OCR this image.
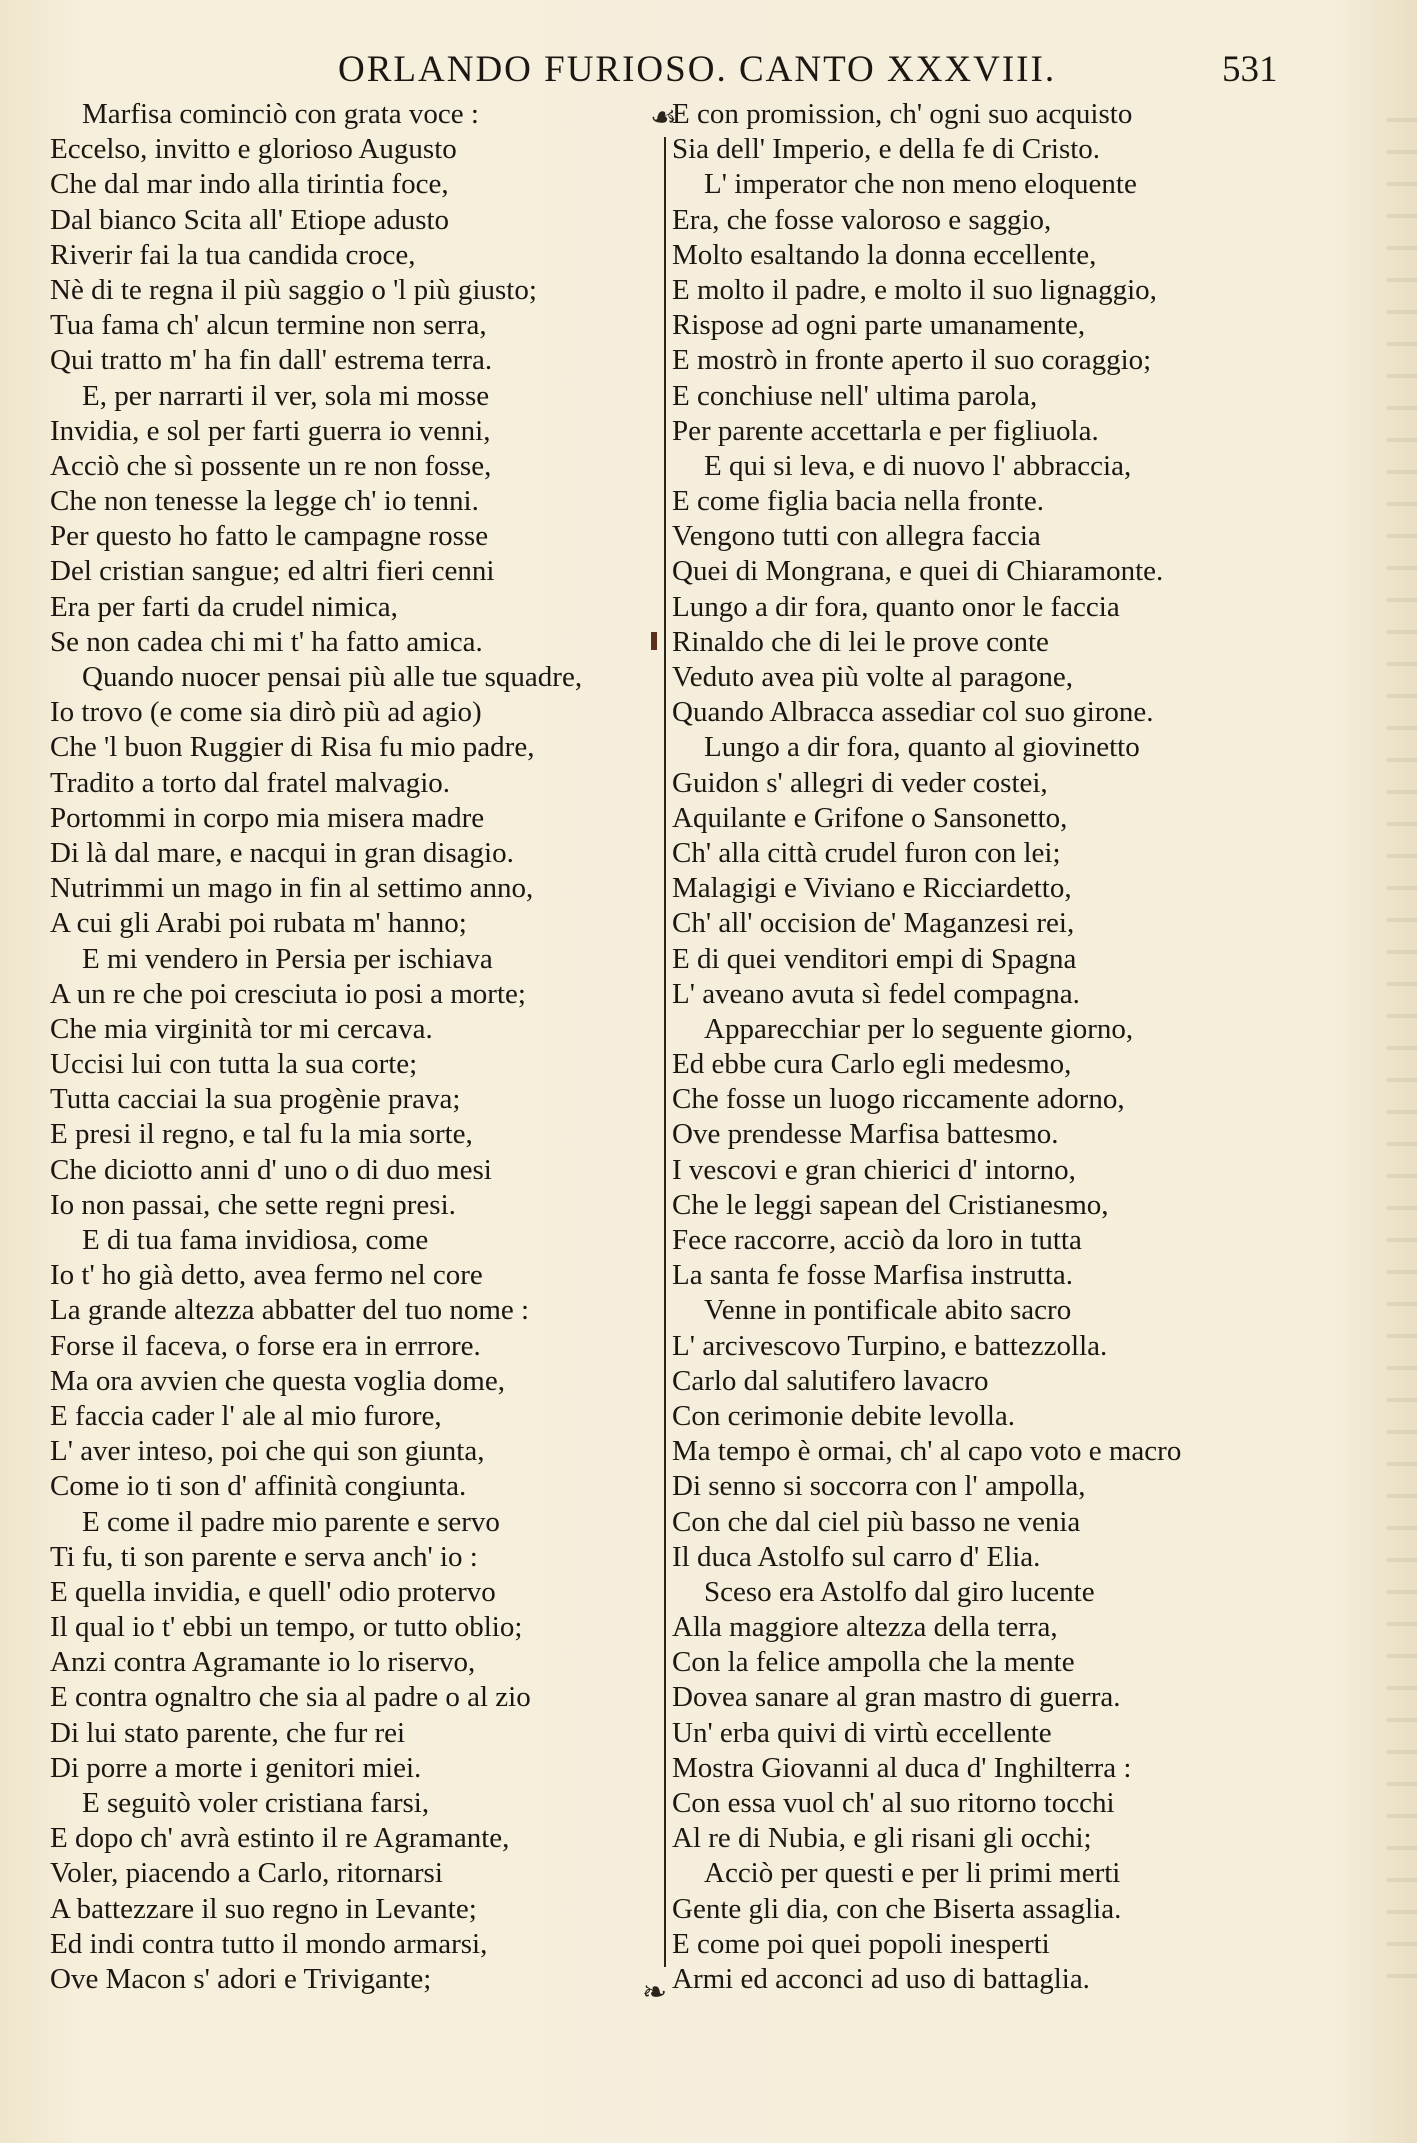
ORLANDO FURIOSO. CANTO XXXVIII.	531
☙
❧
Marfisa cominciò con grata voce :
Eccelso, invitto e glorioso Augusto
Che dal mar indo alla tirintia foce,
Dal bianco Scita all' Etiope adusto
Riverir fai la tua candida croce,
Nè di te regna il più saggio o 'l più giusto;
Tua fama ch' alcun termine non serra,
Qui tratto m' ha fin dall' estrema terra.
E, per narrarti il ver, sola mi mosse
Invidia, e sol per farti guerra io venni,
Acciò che sì possente un re non fosse,
Che non tenesse la legge ch' io tenni.
Per questo ho fatto le campagne rosse
Del cristian sangue; ed altri fieri cenni
Era per farti da crudel nimica,
Se non cadea chi mi t' ha fatto amica.
Quando nuocer pensai più alle tue squadre,
Io trovo (e come sia dirò più ad agio)
Che 'l buon Ruggier di Risa fu mio padre,
Tradito a torto dal fratel malvagio.
Portommi in corpo mia misera madre
Di là dal mare, e nacqui in gran disagio.
Nutrimmi un mago in fin al settimo anno,
A cui gli Arabi poi rubata m' hanno;
E mi vendero in Persia per ischiava
A un re che poi cresciuta io posi a morte;
Che mia virginità tor mi cercava.
Uccisi lui con tutta la sua corte;
Tutta cacciai la sua progènie prava;
E presi il regno, e tal fu la mia sorte,
Che diciotto anni d' uno o di duo mesi
Io non passai, che sette regni presi.
E di tua fama invidiosa, come
Io t' ho già detto, avea fermo nel core
La grande altezza abbatter del tuo nome :
Forse il faceva, o forse era in errrore.
Ma ora avvien che questa voglia dome,
E faccia cader l' ale al mio furore,
L' aver inteso, poi che qui son giunta,
Come io ti son d' affinità congiunta.
E come il padre mio parente e servo
Ti fu, ti son parente e serva anch' io :
E quella invidia, e quell' odio protervo
Il qual io t' ebbi un tempo, or tutto oblio;
Anzi contra Agramante io lo riservo,
E contra ognaltro che sia al padre o al zio
Di lui stato parente, che fur rei
Di porre a morte i genitori miei.
E seguitò voler cristiana farsi,
E dopo ch' avrà estinto il re Agramante,
Voler, piacendo a Carlo, ritornarsi
A battezzare il suo regno in Levante;
Ed indi contra tutto il mondo armarsi,
Ove Macon s' adori e Trivigante;
E con promission, ch' ogni suo acquisto
Sia dell' Imperio, e della fe di Cristo.
L' imperator che non meno eloquente
Era, che fosse valoroso e saggio,
Molto esaltando la donna eccellente,
E molto il padre, e molto il suo lignaggio,
Rispose ad ogni parte umanamente,
E mostrò in fronte aperto il suo coraggio;
E conchiuse nell' ultima parola,
Per parente accettarla e per figliuola.
E qui si leva, e di nuovo l' abbraccia,
E come figlia bacia nella fronte.
Vengono tutti con allegra faccia
Quei di Mongrana, e quei di Chiaramonte.
Lungo a dir fora, quanto onor le faccia
Rinaldo che di lei le prove conte
Veduto avea più volte al paragone,
Quando Albracca assediar col suo girone.
Lungo a dir fora, quanto al giovinetto
Guidon s' allegri di veder costei,
Aquilante e Grifone o Sansonetto,
Ch' alla città crudel furon con lei;
Malagigi e Viviano e Ricciardetto,
Ch' all' occision de' Maganzesi rei,
E di quei venditori empi di Spagna
L' aveano avuta sì fedel compagna.
Apparecchiar per lo seguente giorno,
Ed ebbe cura Carlo egli medesmo,
Che fosse un luogo riccamente adorno,
Ove prendesse Marfisa battesmo.
I vescovi e gran chierici d' intorno,
Che le leggi sapean del Cristianesmo,
Fece raccorre, acciò da loro in tutta
La santa fe fosse Marfisa instrutta.
Venne in pontificale abito sacro
L' arcivescovo Turpino, e battezzolla.
Carlo dal salutifero lavacro
Con cerimonie debite levolla.
Ma tempo è ormai, ch' al capo voto e macro
Di senno si soccorra con l' ampolla,
Con che dal ciel più basso ne venia
Il duca Astolfo sul carro d' Elia.
Sceso era Astolfo dal giro lucente
Alla maggiore altezza della terra,
Con la felice ampolla che la mente
Dovea sanare al gran mastro di guerra.
Un' erba quivi di virtù eccellente
Mostra Giovanni al duca d' Inghilterra :
Con essa vuol ch' al suo ritorno tocchi
Al re di Nubia, e gli risani gli occhi;
Acciò per questi e per li primi merti
Gente gli dia, con che Biserta assaglia.
E come poi quei popoli inesperti
Armi ed acconci ad uso di battaglia.
